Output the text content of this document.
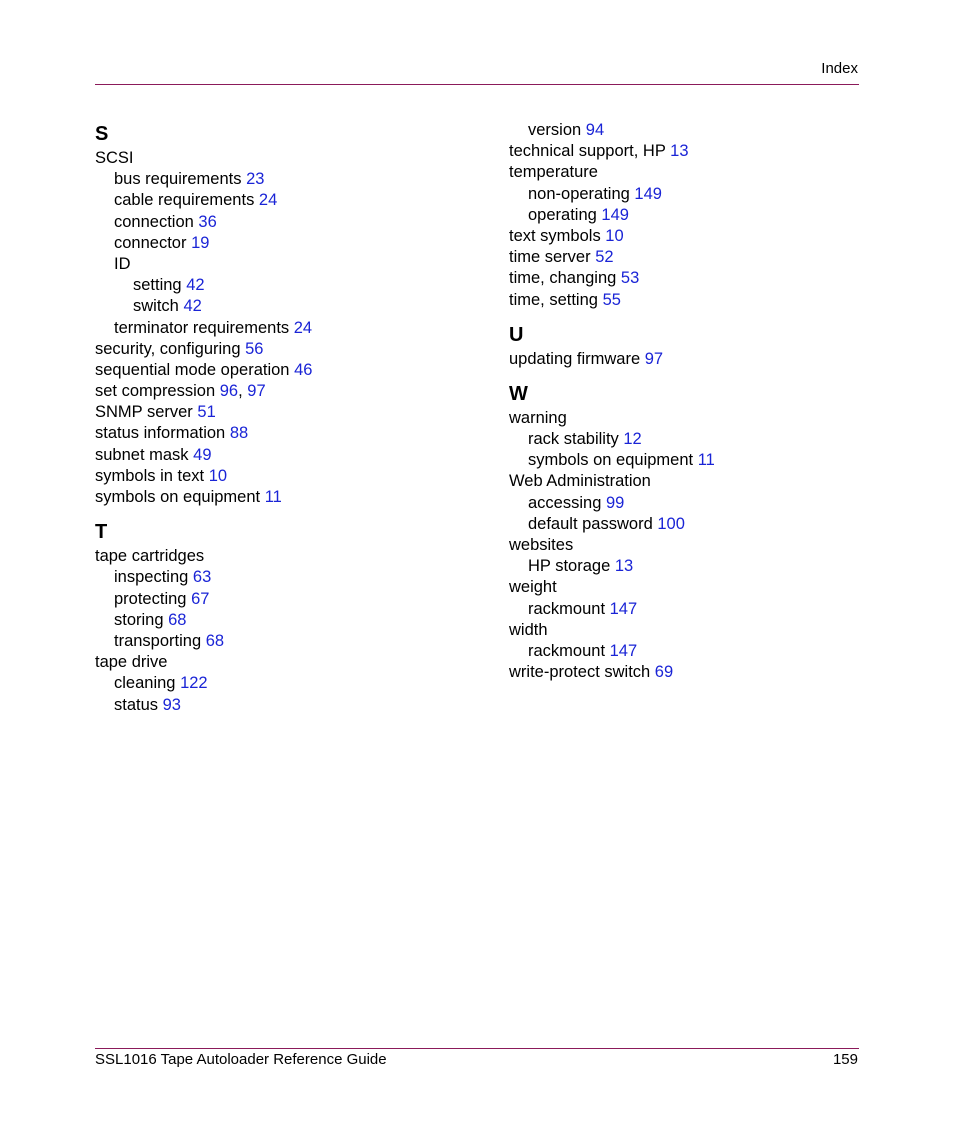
Index
S
SCSI
bus requirements 23
cable requirements 24
connection 36
connector 19
ID
setting 42
switch 42
terminator requirements 24
security, configuring 56
sequential mode operation 46
set compression 96, 97
SNMP server 51
status information 88
subnet mask 49
symbols in text 10
symbols on equipment 11
T
tape cartridges
inspecting 63
protecting 67
storing 68
transporting 68
tape drive
cleaning 122
status 93
version 94
technical support, HP 13
temperature
non-operating 149
operating 149
text symbols 10
time server 52
time, changing 53
time, setting 55
U
updating firmware 97
W
warning
rack stability 12
symbols on equipment 11
Web Administration
accessing 99
default password 100
websites
HP storage 13
weight
rackmount 147
width
rackmount 147
write-protect switch 69
SSL1016 Tape Autoloader Reference Guide	159
